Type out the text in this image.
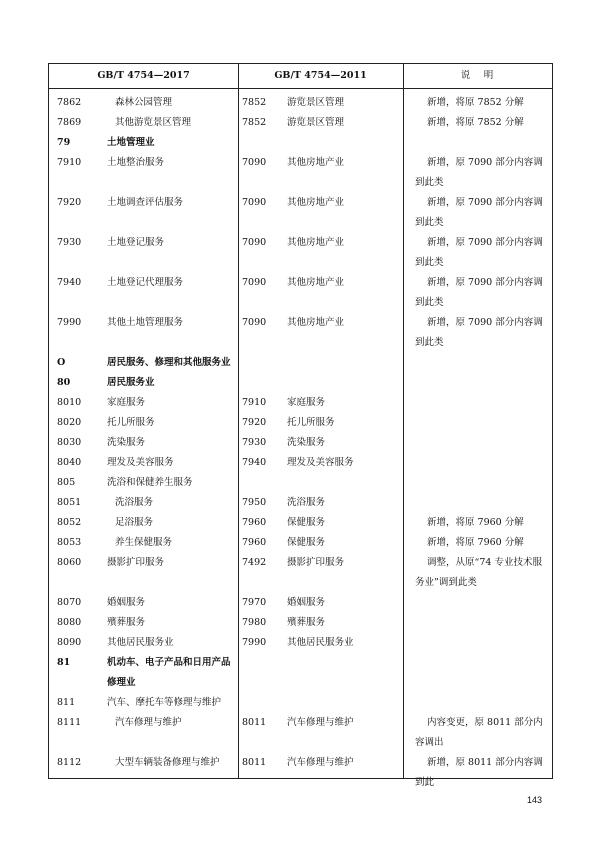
GB/T 4754—2017	GB/T 4754—2011	说　明
7862	森林公园管理	7852 游览景区管理	新增，将原 7852 分解
7869	其他游览景区管理	7852 游览景区管理	新增，将原 7852 分解
79	土地管理业
7910	土地整治服务	7090 其他房地产业	新增，原 7090 部分内容调到此类
7920	土地调查评估服务	7090 其他房地产业	新增，原 7090 部分内容调到此类
7930	土地登记服务	7090 其他房地产业	新增，原 7090 部分内容调到此类
7940	土地登记代理服务	7090 其他房地产业	新增，原 7090 部分内容调到此类
7990	其他土地管理服务	7090 其他房地产业	新增，原 7090 部分内容调到此类
O	居民服务、修理和其他服务业
80	居民服务业
8010	家庭服务	7910 家庭服务
8020	托儿所服务	7920 托儿所服务
8030	洗染服务	7930 洗染服务
8040	理发及美容服务	7940 理发及美容服务
805	洗浴和保健养生服务
8051	洗浴服务	7950 洗浴服务
8052	足浴服务	7960 保健服务	新增，将原 7960 分解
8053	养生保健服务	7960 保健服务	新增，将原 7960 分解
8060	摄影扩印服务	7492 摄影扩印服务	调整，从原“74 专业技术服务业”调到此类
8070	婚姻服务	7970 婚姻服务
8080	殯葬服务	7980 殯葬服务
8090	其他居民服务业	7990 其他居民服务业
81	机动车、电子产品和日用产品修理业
811	汽车、摩托车等修理与维护
8111	汽车修理与维护	8011 汽车修理与维护	内容变更，原 8011 部分内容调出
8112	大型车辆装备修理与维护 8011 汽车修理与维护	新增，原 8011 部分内容调到此
143
